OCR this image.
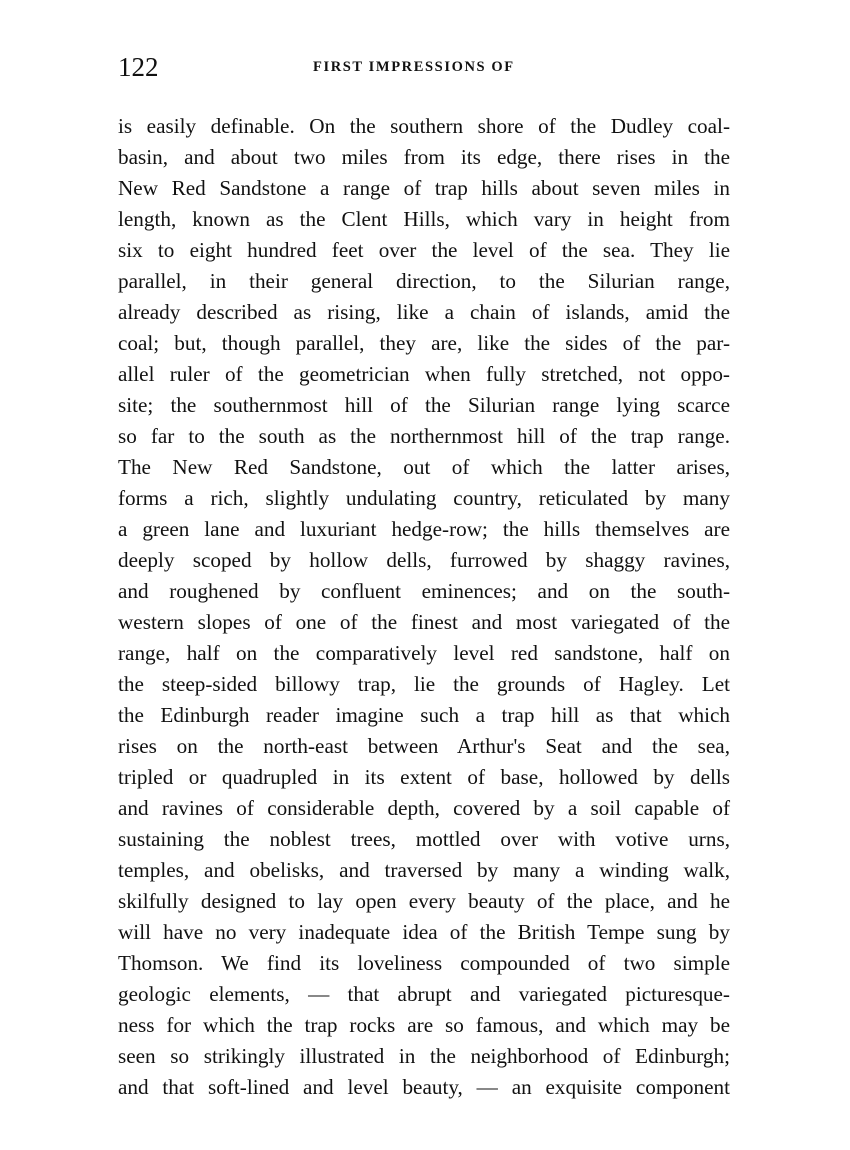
122	FIRST IMPRESSIONS OF
is easily definable. On the southern shore of the Dudley coal-
basin, and about two miles from its edge, there rises in the
New Red Sandstone a range of trap hills about seven miles in
length, known as the Clent Hills, which vary in height from
six to eight hundred feet over the level of the sea. They lie
parallel, in their general direction, to the Silurian range,
already described as rising, like a chain of islands, amid the
coal; but, though parallel, they are, like the sides of the par-
allel ruler of the geometrician when fully stretched, not oppo-
site; the southernmost hill of the Silurian range lying scarce
so far to the south as the northernmost hill of the trap range.
The New Red Sandstone, out of which the latter arises,
forms a rich, slightly undulating country, reticulated by many
a green lane and luxuriant hedge-row; the hills themselves are
deeply scoped by hollow dells, furrowed by shaggy ravines,
and roughened by confluent eminences; and on the south-
western slopes of one of the finest and most variegated of the
range, half on the comparatively level red sandstone, half on
the steep-sided billowy trap, lie the grounds of Hagley. Let
the Edinburgh reader imagine such a trap hill as that which
rises on the north-east between Arthur's Seat and the sea,
tripled or quadrupled in its extent of base, hollowed by dells
and ravines of considerable depth, covered by a soil capable of
sustaining the noblest trees, mottled over with votive urns,
temples, and obelisks, and traversed by many a winding walk,
skilfully designed to lay open every beauty of the place, and he
will have no very inadequate idea of the British Tempe sung by
Thomson. We find its loveliness compounded of two simple
geologic elements, — that abrupt and variegated picturesque-
ness for which the trap rocks are so famous, and which may be
seen so strikingly illustrated in the neighborhood of Edinburgh;
and that soft-lined and level beauty, — an exquisite component
